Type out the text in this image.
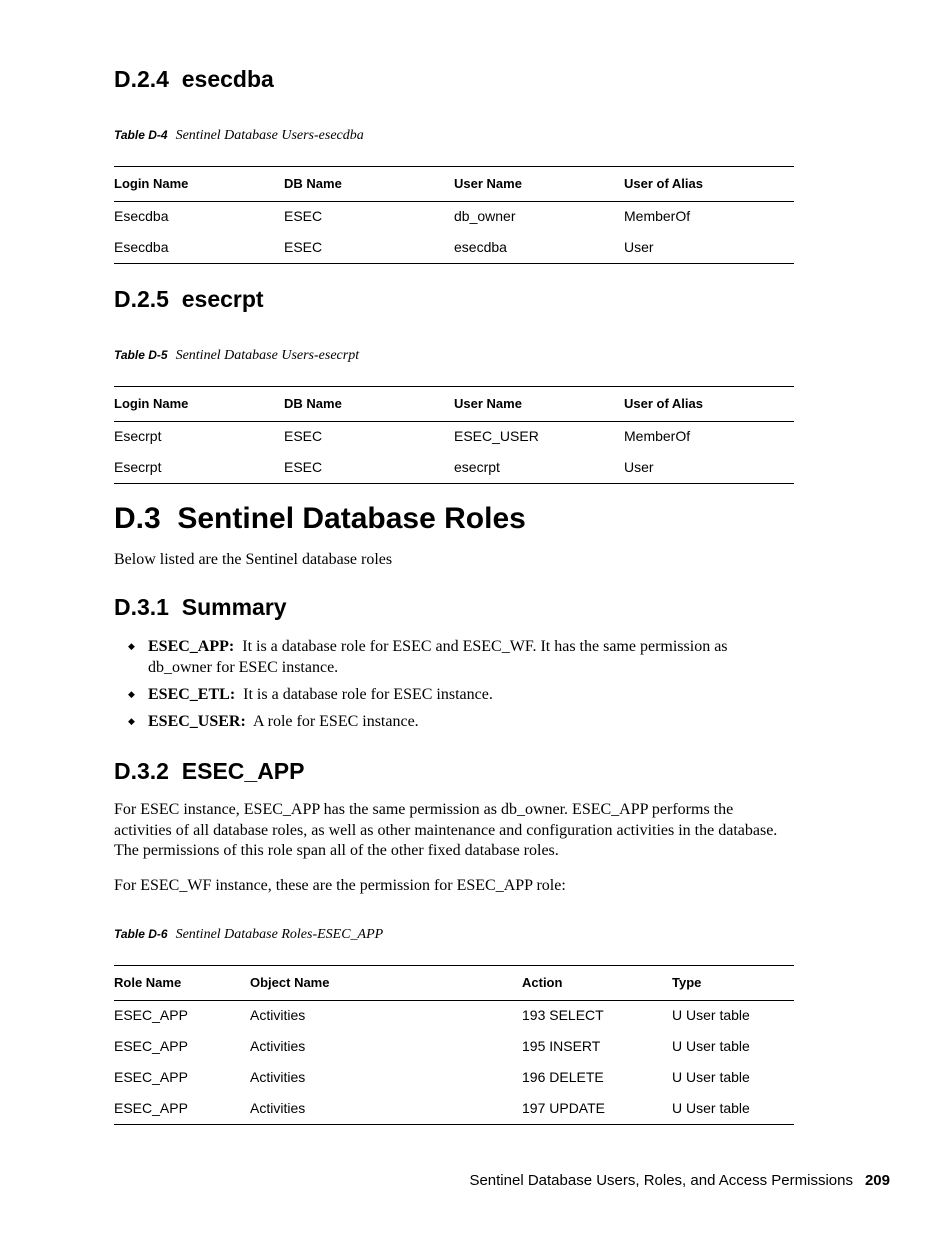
D.2.4 esecdba
Table D-4 Sentinel Database Users-esecdba
Login Name	DB Name	User Name	User of Alias
Esecdba	ESEC	db_owner	MemberOf
Esecdba	ESEC	esecdba	User
D.2.5 esecrpt
Table D-5 Sentinel Database Users-esecrpt
Login Name	DB Name	User Name	User of Alias
Esecrpt	ESEC	ESEC_USER	MemberOf
Esecrpt	ESEC	esecrpt	User
D.3 Sentinel Database Roles
Below listed are the Sentinel database roles
D.3.1 Summary
◆ ESEC_APP: It is a database role for ESEC and ESEC_WF. It has the same permission as db_owner for ESEC instance.
◆ ESEC_ETL: It is a database role for ESEC instance.
◆ ESEC_USER: A role for ESEC instance.
D.3.2 ESEC_APP
For ESEC instance, ESEC_APP has the same permission as db_owner. ESEC_APP performs the activities of all database roles, as well as other maintenance and configuration activities in the database. The permissions of this role span all of the other fixed database roles.
For ESEC_WF instance, these are the permission for ESEC_APP role:
Table D-6 Sentinel Database Roles-ESEC_APP
Role Name	Object Name	Action	Type
ESEC_APP	Activities	193 SELECT	U User table
ESEC_APP	Activities	195 INSERT	U User table
ESEC_APP	Activities	196 DELETE	U User table
ESEC_APP	Activities	197 UPDATE	U User table
Sentinel Database Users, Roles, and Access Permissions 209
